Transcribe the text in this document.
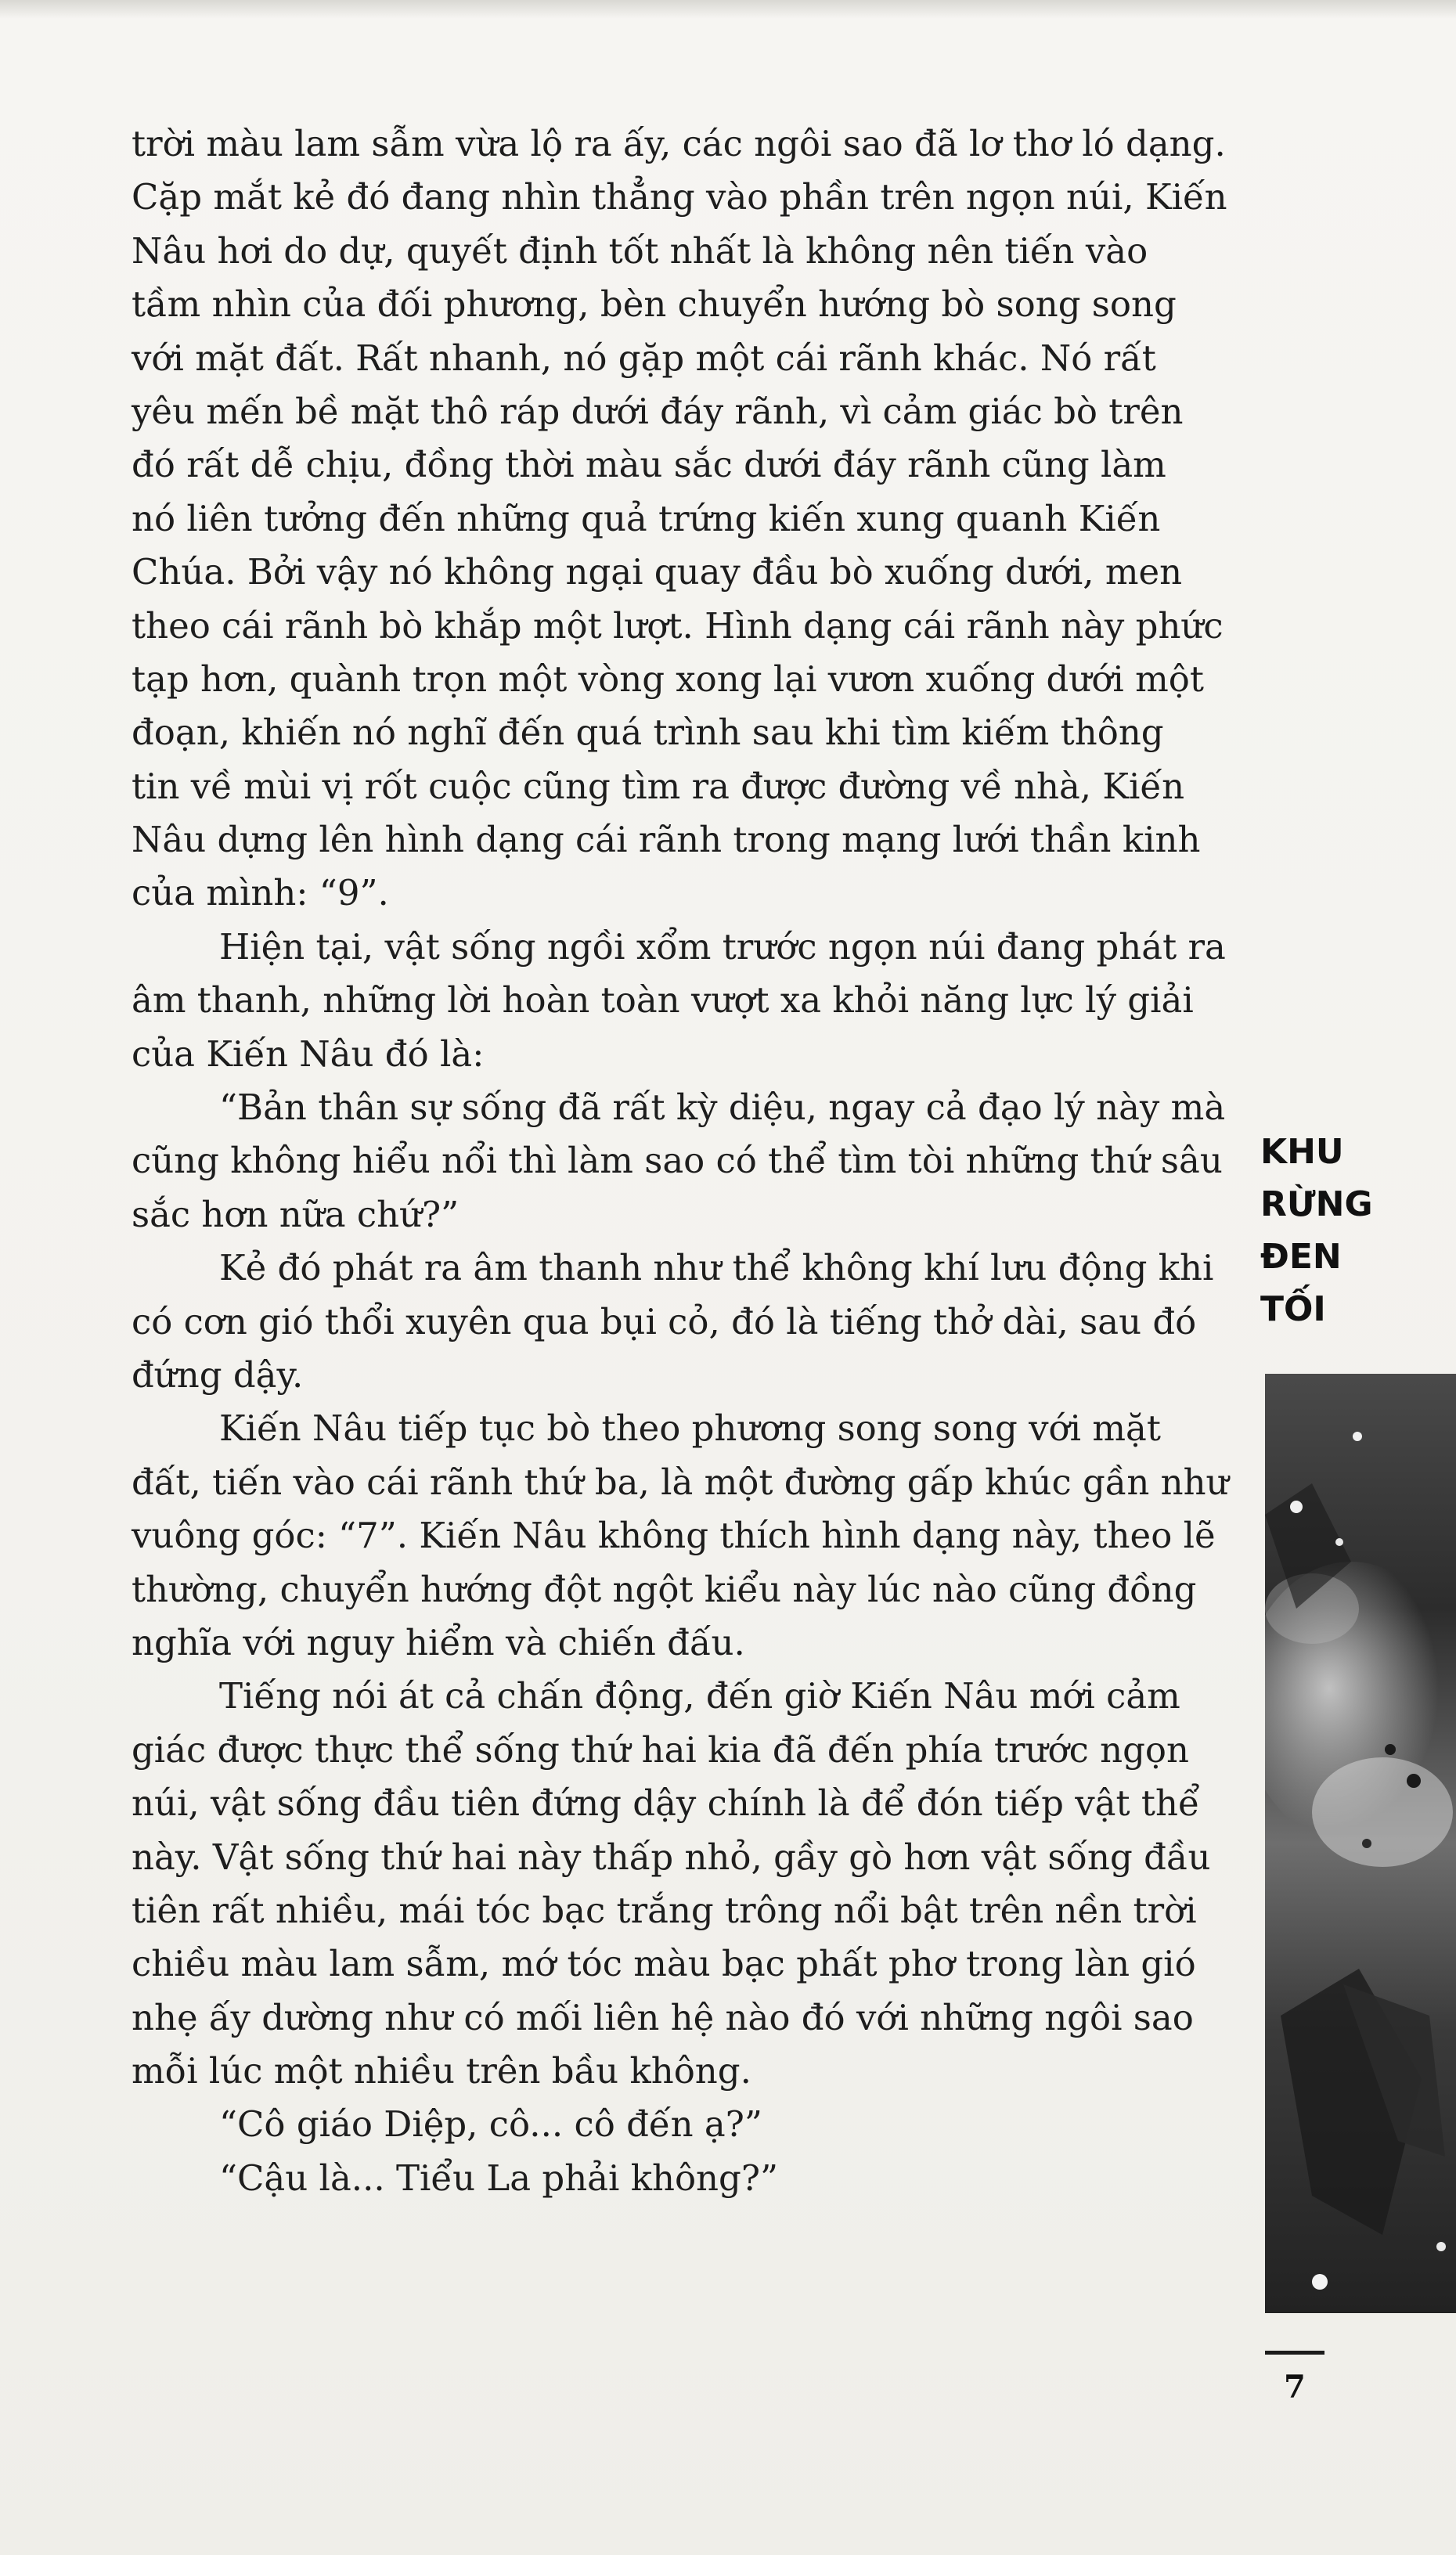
trời màu lam sẫm vừa lộ ra ấy, các ngôi sao đã lơ thơ ló dạng.
Cặp mắt kẻ đó đang nhìn thẳng vào phần trên ngọn núi, Kiến
Nâu hơi do dự, quyết định tốt nhất là không nên tiến vào
tầm nhìn của đối phương, bèn chuyển hướng bò song song
với mặt đất. Rất nhanh, nó gặp một cái rãnh khác. Nó rất
yêu mến bề mặt thô ráp dưới đáy rãnh, vì cảm giác bò trên
đó rất dễ chịu, đồng thời màu sắc dưới đáy rãnh cũng làm
nó liên tưởng đến những quả trứng kiến xung quanh Kiến
Chúa. Bởi vậy nó không ngại quay đầu bò xuống dưới, men
theo cái rãnh bò khắp một lượt. Hình dạng cái rãnh này phức
tạp hơn, quành trọn một vòng xong lại vươn xuống dưới một
đoạn, khiến nó nghĩ đến quá trình sau khi tìm kiếm thông
tin về mùi vị rốt cuộc cũng tìm ra được đường về nhà, Kiến
Nâu dựng lên hình dạng cái rãnh trong mạng lưới thần kinh
của mình: “9”.
Hiện tại, vật sống ngồi xổm trước ngọn núi đang phát ra
âm thanh, những lời hoàn toàn vượt xa khỏi năng lực lý giải
của Kiến Nâu đó là:
“Bản thân sự sống đã rất kỳ diệu, ngay cả đạo lý này mà
cũng không hiểu nổi thì làm sao có thể tìm tòi những thứ sâu
sắc hơn nữa chứ?”
Kẻ đó phát ra âm thanh như thể không khí lưu động khi
có cơn gió thổi xuyên qua bụi cỏ, đó là tiếng thở dài, sau đó
đứng dậy.
Kiến Nâu tiếp tục bò theo phương song song với mặt
đất, tiến vào cái rãnh thứ ba, là một đường gấp khúc gần như
vuông góc: “7”. Kiến Nâu không thích hình dạng này, theo lẽ
thường, chuyển hướng đột ngột kiểu này lúc nào cũng đồng
nghĩa với nguy hiểm và chiến đấu.
Tiếng nói át cả chấn động, đến giờ Kiến Nâu mới cảm
giác được thực thể sống thứ hai kia đã đến phía trước ngọn
núi, vật sống đầu tiên đứng dậy chính là để đón tiếp vật thể
này. Vật sống thứ hai này thấp nhỏ, gầy gò hơn vật sống đầu
tiên rất nhiều, mái tóc bạc trắng trông nổi bật trên nền trời
chiều màu lam sẫm, mớ tóc màu bạc phất phơ trong làn gió
nhẹ ấy dường như có mối liên hệ nào đó với những ngôi sao
mỗi lúc một nhiều trên bầu không.
“Cô giáo Diệp, cô... cô đến ạ?”
“Cậu là... Tiểu La phải không?”
KHU
RỪNG
ĐEN
TỐI
7
